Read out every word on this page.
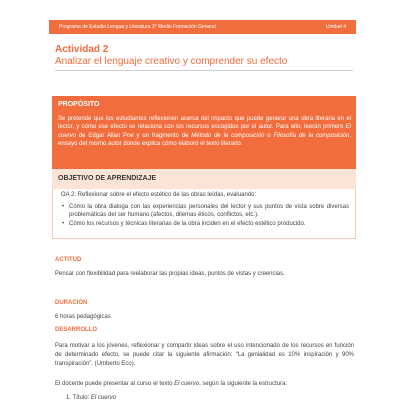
Programa de Estudio Lengua y Literatura 3° Medio Formación General	Unidad 4
Actividad 2
Analizar el lenguaje creativo y comprender su efecto
PROPÓSITO
Se pretende que los estudiantes reflexionen acerca del impacto que puede generar una obra literaria en el lector, y cómo ese efecto se relaciona con los recursos escogidos por el autor. Para ello, leerán primero El cuervo de Edgar Allan Poe y un fragmento de Método de la composición o Filosofía de la composición, ensayo del mismo autor donde explica cómo elaboró el texto literario.
OBJETIVO DE APRENDIZAJE
OA 2: Reflexionar sobre el efecto estético de las obras leídas, evaluando:
• Cómo la obra dialoga con las experiencias personales del lector y sus puntos de vista sobre diversas problemáticas del ser humano (afectos, dilemas éticos, conflictos, etc.).
• Cómo los recursos y técnicas literarias de la obra inciden en el efecto estético producido.
ACTITUD
Pensar con flexibilidad para reelaborar las propias ideas, puntos de vistas y creencias.
DURACIÓN
6 horas pedagógicas
DESARROLLO
Para motivar a los jóvenes, reflexionar y compartir ideas sobre el uso intencionado de los recursos en función de determinado efecto, se puede citar la siguiente afirmación: “La genialidad es 10% inspiración y 90% transpiración”. (Umberto Eco).
El docente puede presentar al curso el texto El cuervo, según la siguiente la estructura:
1. Título: El cuervo
